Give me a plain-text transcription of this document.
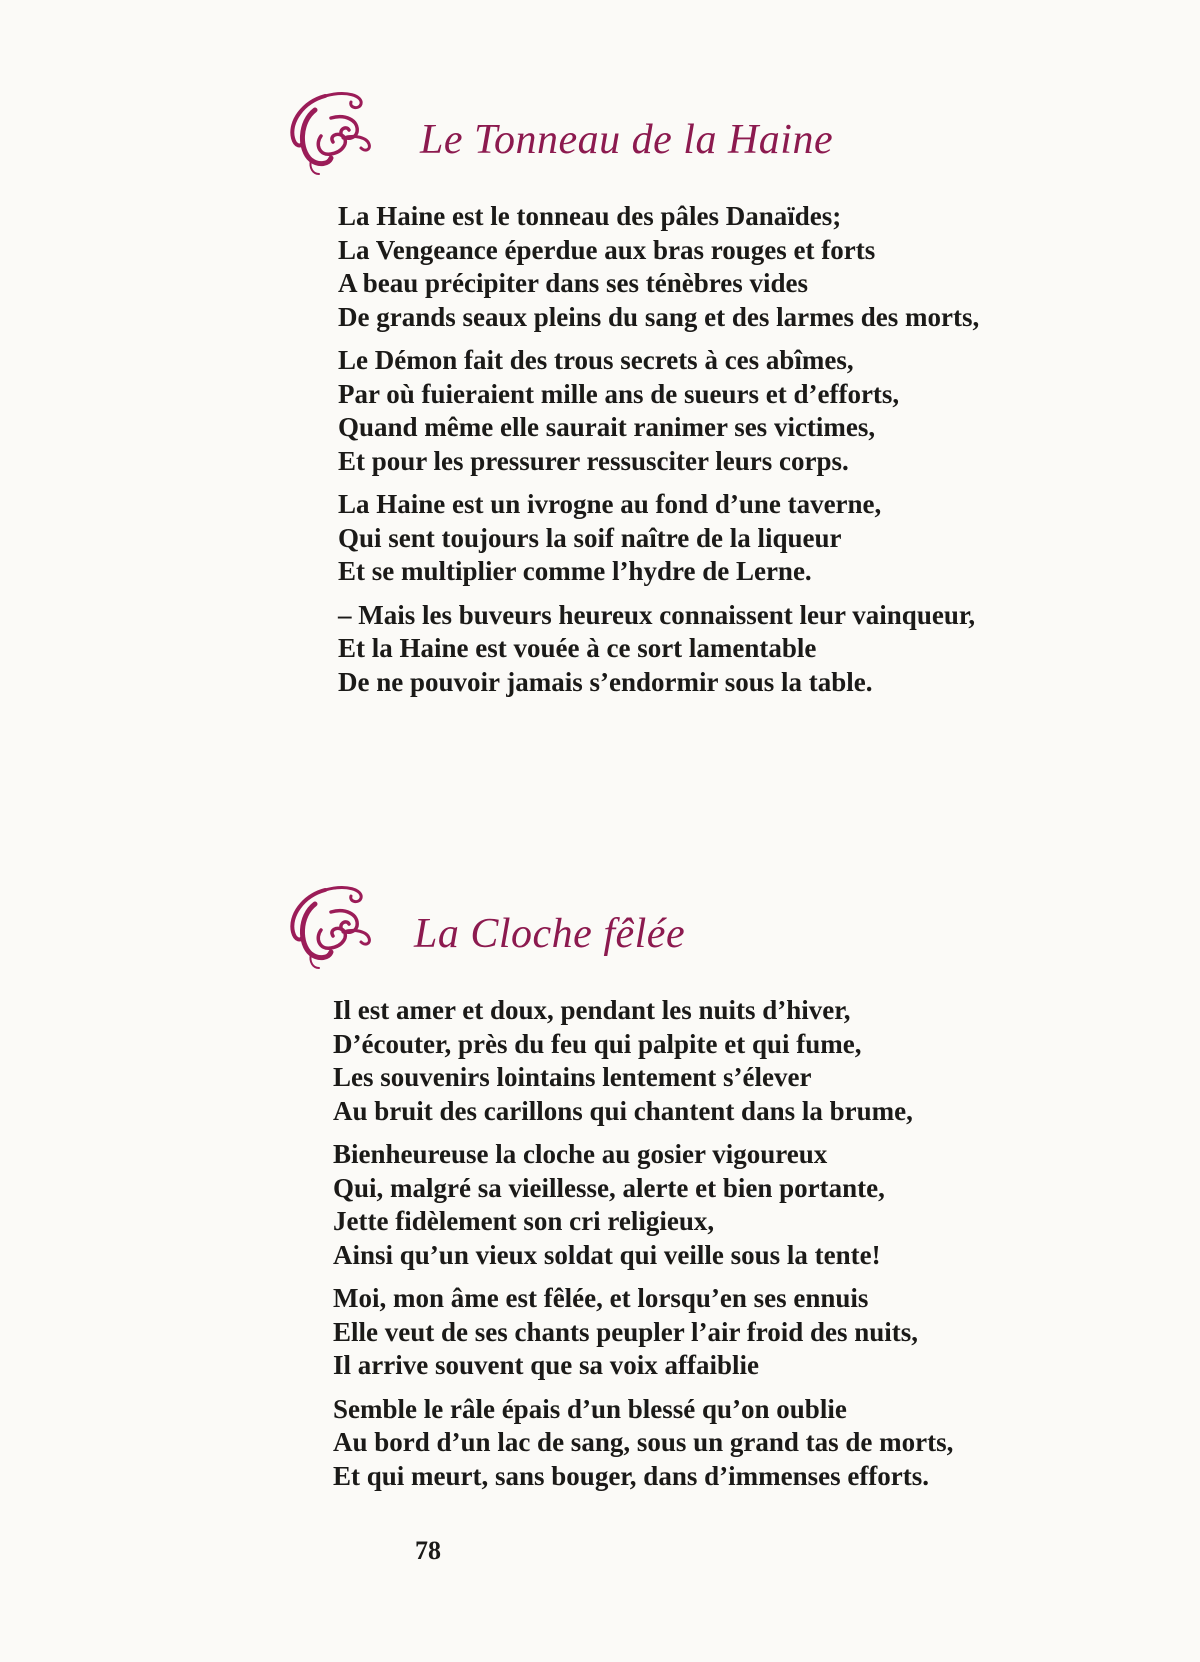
Le Tonneau de la Haine
La Haine est le tonneau des pâles Danaïdes;
La Vengeance éperdue aux bras rouges et forts
A beau précipiter dans ses ténèbres vides
De grands seaux pleins du sang et des larmes des morts,
Le Démon fait des trous secrets à ces abîmes,
Par où fuieraient mille ans de sueurs et d’efforts,
Quand même elle saurait ranimer ses victimes,
Et pour les pressurer ressusciter leurs corps.
La Haine est un ivrogne au fond d’une taverne,
Qui sent toujours la soif naître de la liqueur
Et se multiplier comme l’hydre de Lerne.
– Mais les buveurs heureux connaissent leur vainqueur,
Et la Haine est vouée à ce sort lamentable
De ne pouvoir jamais s’endormir sous la table.
La Cloche fêlée
Il est amer et doux, pendant les nuits d’hiver,
D’écouter, près du feu qui palpite et qui fume,
Les souvenirs lointains lentement s’élever
Au bruit des carillons qui chantent dans la brume,
Bienheureuse la cloche au gosier vigoureux
Qui, malgré sa vieillesse, alerte et bien portante,
Jette fidèlement son cri religieux,
Ainsi qu’un vieux soldat qui veille sous la tente!
Moi, mon âme est fêlée, et lorsqu’en ses ennuis
Elle veut de ses chants peupler l’air froid des nuits,
Il arrive souvent que sa voix affaiblie
Semble le râle épais d’un blessé qu’on oublie
Au bord d’un lac de sang, sous un grand tas de morts,
Et qui meurt, sans bouger, dans d’immenses efforts.
78
